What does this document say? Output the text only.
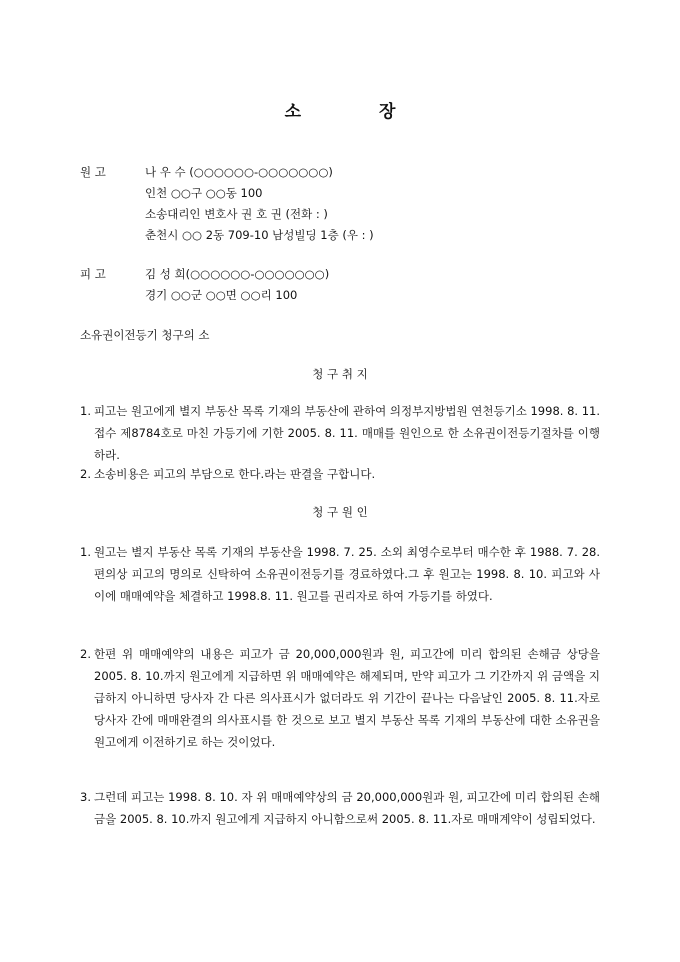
소	장
원 고	나 우 수 (○○○○○○-○○○○○○○)
인천 ○○구 ○○동 100
소송대리인 변호사 권 호 권 (전화 : )
춘천시 ○○ 2동 709-10 남성빌딩 1층 (우 : )
피 고	김 성 희(○○○○○○-○○○○○○○)
경기 ○○군 ○○면 ○○리 100
소유권이전등기 청구의 소
청 구 취 지
1. 피고는 원고에게 별지 부동산 목록 기재의 부동산에 관하여 의정부지방법원 연천등기소 1998. 8. 11. 접수 제8784호로 마친 가등기에 기한 2005. 8. 11. 매매를 원인으로 한 소유권이전등기절차를 이행하라.
2. 소송비용은 피고의 부담으로 한다.라는 판결을 구합니다.
청 구 원 인
1. 원고는 별지 부동산 목록 기재의 부동산을 1998. 7. 25. 소외 최영수로부터 매수한 후 1988. 7. 28. 편의상 피고의 명의로 신탁하여 소유권이전등기를 경료하였다.그 후 원고는 1998. 8. 10. 피고와 사이에 매매예약을 체결하고 1998.8. 11. 원고를 권리자로 하여 가등기를 하였다.
2. 한편 위 매매예약의 내용은 피고가 금 20,000,000원과 원, 피고간에 미리 합의된 손해금 상당을 2005. 8. 10.까지 원고에게 지급하면 위 매매예약은 해제되며, 만약 피고가 그 기간까지 위 금액을 지급하지 아니하면 당사자 간 다른 의사표시가 없더라도 위 기간이 끝나는 다음날인 2005. 8. 11.자로 당사자 간에 매매완결의 의사표시를 한 것으로 보고 별지 부동산 목록 기재의 부동산에 대한 소유권을 원고에게 이전하기로 하는 것이었다.
3. 그런데 피고는 1998. 8. 10. 자 위 매매예약상의 금 20,000,000원과 원, 피고간에 미리 합의된 손해금을 2005. 8. 10.까지 원고에게 지급하지 아니함으로써 2005. 8. 11.자로 매매계약이 성립되었다.
